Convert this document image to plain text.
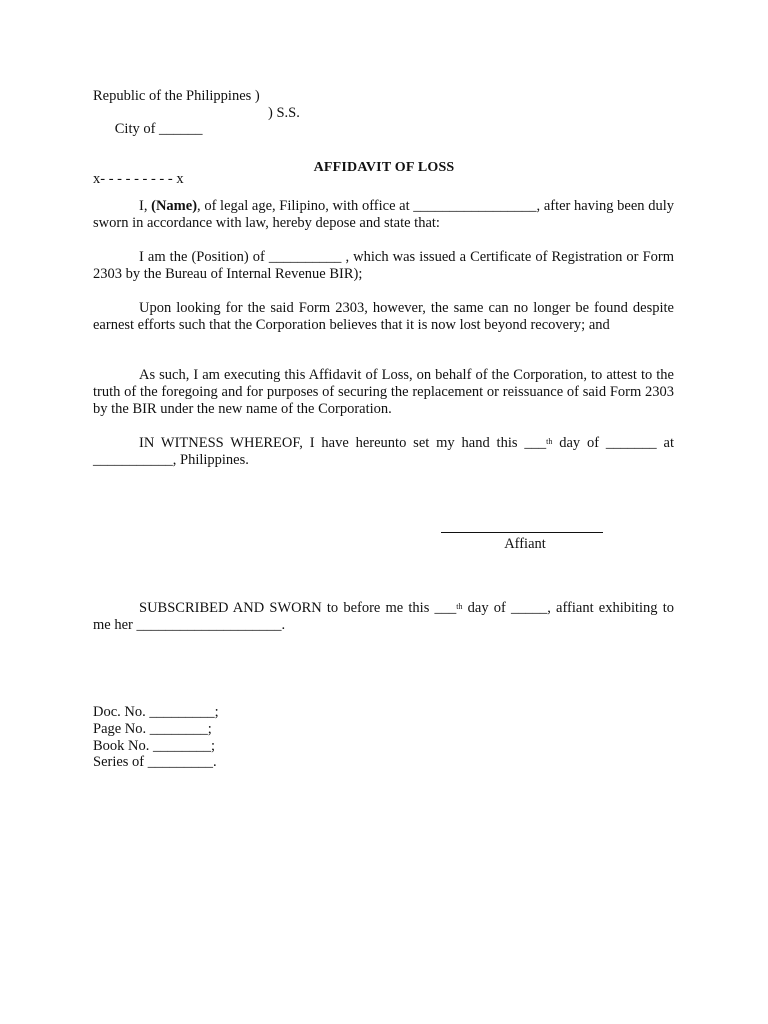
Republic of the Philippines )

City of ______

) S.S.

x- - - - - - - - - x
AFFIDAVIT OF LOSS
I, (Name), of legal age, Filipino, with office at _________________, after having been duly sworn in accordance with law, hereby depose and state that:
I am the (Position) of __________ , which was issued a Certificate of Registration or Form 2303 by the Bureau of Internal Revenue BIR);
Upon looking for the said Form 2303, however, the same can no longer be found despite earnest efforts such that the Corporation believes that it is now lost beyond recovery; and
As such, I am executing this Affidavit of Loss, on behalf of the Corporation, to attest to the truth of the foregoing and for purposes of securing the replacement or reissuance of said Form 2303 by the BIR under the new name of the Corporation.
IN WITNESS WHEREOF, I have hereunto set my hand this ___$^{th}$ day of _______ at ___________, Philippines.
Affiant
SUBSCRIBED AND SWORN to before me this ___$^{th}$ day of _____, affiant exhibiting to me her ____________________.
Doc. No. _________;
Page No. ________;
Book No. ________;
Series of _________.
